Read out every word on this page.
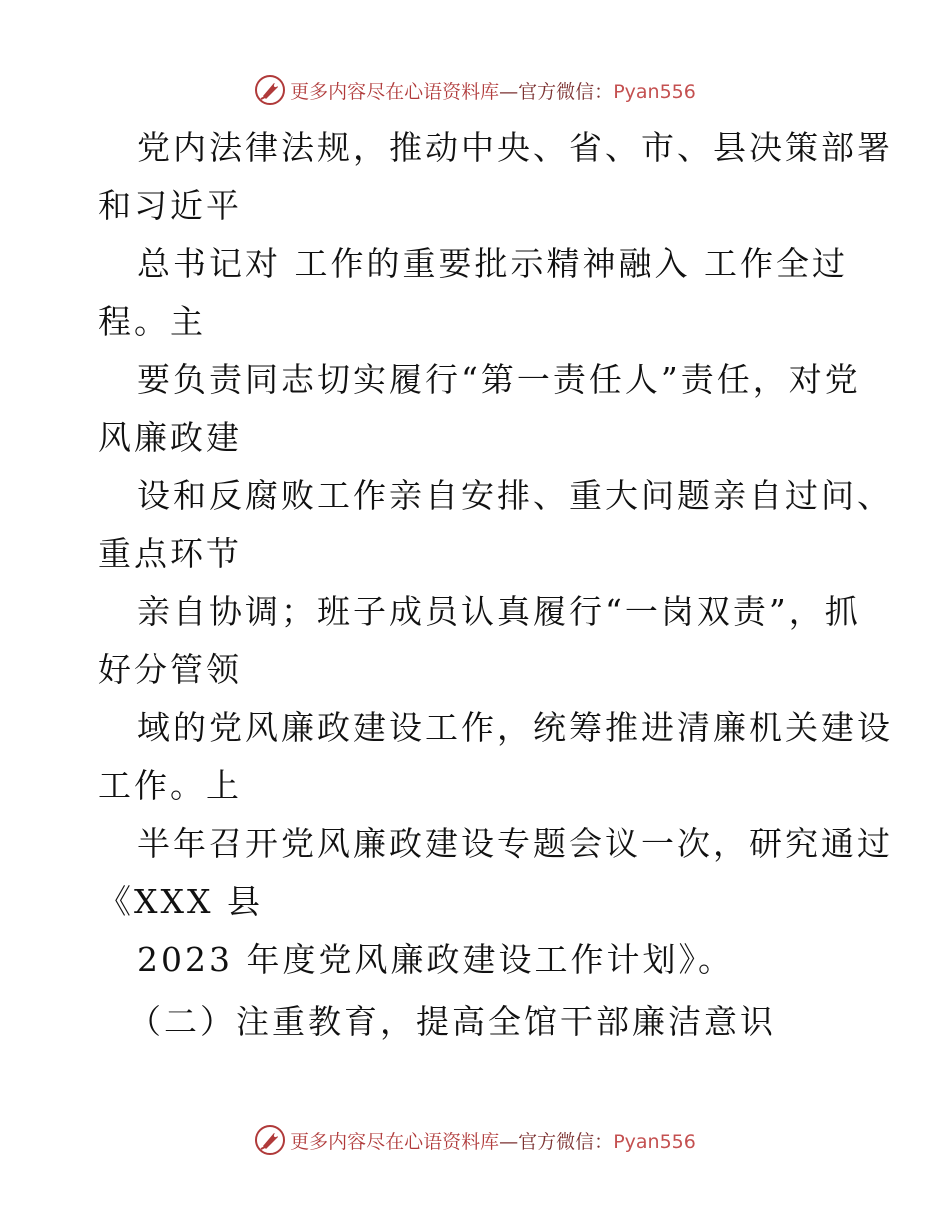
更多内容尽在心语资料库—官方微信：Pyan556
党内法律法规，推动中央、省、市、县决策部署
和习近平
总书记对 工作的重要批示精神融入 工作全过
程。主
要负责同志切实履行“第一责任人”责任，对党
风廉政建
设和反腐败工作亲自安排、重大问题亲自过问、
重点环节
亲自协调；班子成员认真履行“一岗双责”，抓
好分管领
域的党风廉政建设工作，统筹推进清廉机关建设
工作。上
半年召开党风廉政建设专题会议一次，研究通过
《XXX 县
2023 年度党风廉政建设工作计划》。
（二）注重教育，提高全馆干部廉洁意识
更多内容尽在心语资料库—官方微信：Pyan556
